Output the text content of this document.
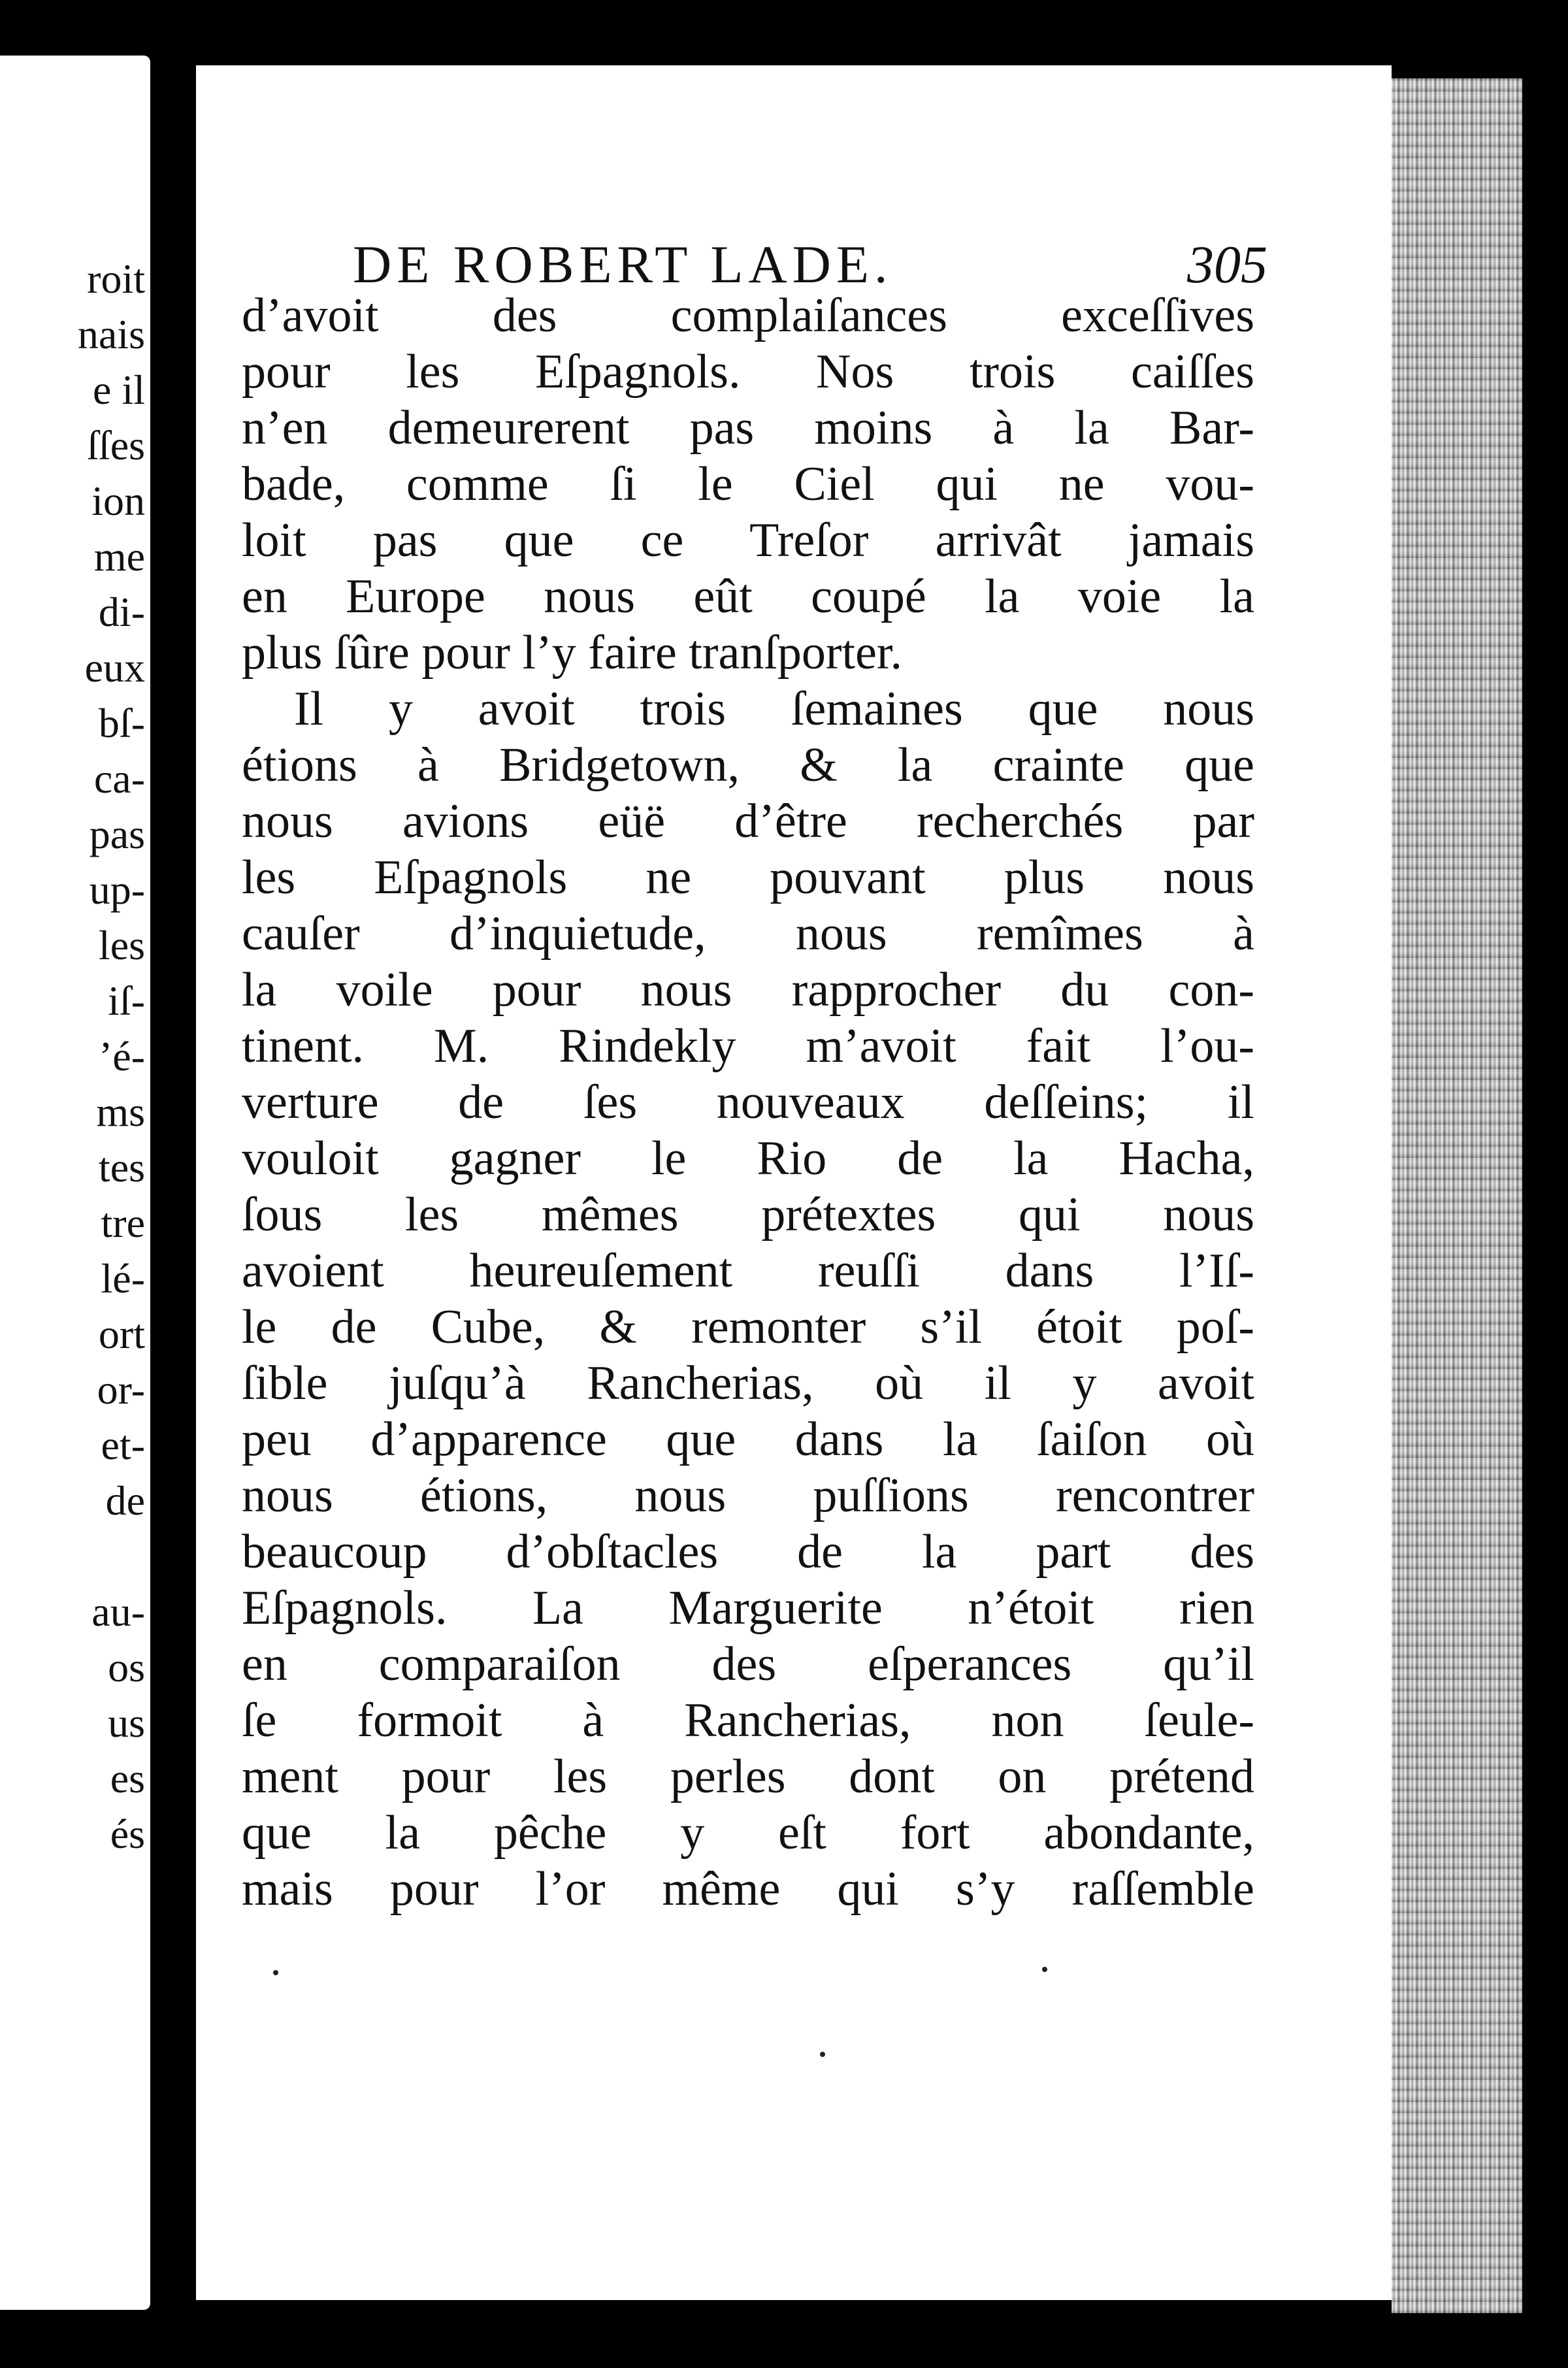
roit
nais
e il
ſſes
ion
me
di-
eux
bſ-
ca-
pas
up-
les
iſ-
’é-
ms
tes
tre
lé-
ort
or-
et-
de
au-
os
us
es
és
DE ROBERT LADE.	305
d’avoit des complaiſances exceſſives
pour les Eſpagnols. Nos trois caiſſes
n’en demeurerent pas moins à la Bar-
bade, comme ſi le Ciel qui ne vou-
loit pas que ce Treſor arrivât jamais
en Europe nous eût coupé la voie la
plus ſûre pour l’y faire tranſporter.
Il y avoit trois ſemaines que nous
étions à Bridgetown, & la crainte que
nous avions eüë d’être recherchés par
les Eſpagnols ne pouvant plus nous
cauſer d’inquietude, nous remîmes à
la voile pour nous rapprocher du con-
tinent. M. Rindekly m’avoit fait l’ou-
verture de ſes nouveaux deſſeins; il
vouloit gagner le Rio de la Hacha,
ſous les mêmes prétextes qui nous
avoient heureuſement reuſſi dans l’Iſ-
le de Cube, & remonter s’il étoit poſ-
ſible juſqu’à Rancherias, où il y avoit
peu d’apparence que dans la ſaiſon où
nous étions, nous puſſions rencontrer
beaucoup d’obſtacles de la part des
Eſpagnols. La Marguerite n’étoit rien
en comparaiſon des eſperances qu’il
ſe formoit à Rancherias, non ſeule-
ment pour les perles dont on prétend
que la pêche y eſt fort abondante,
mais pour l’or même qui s’y raſſemble
